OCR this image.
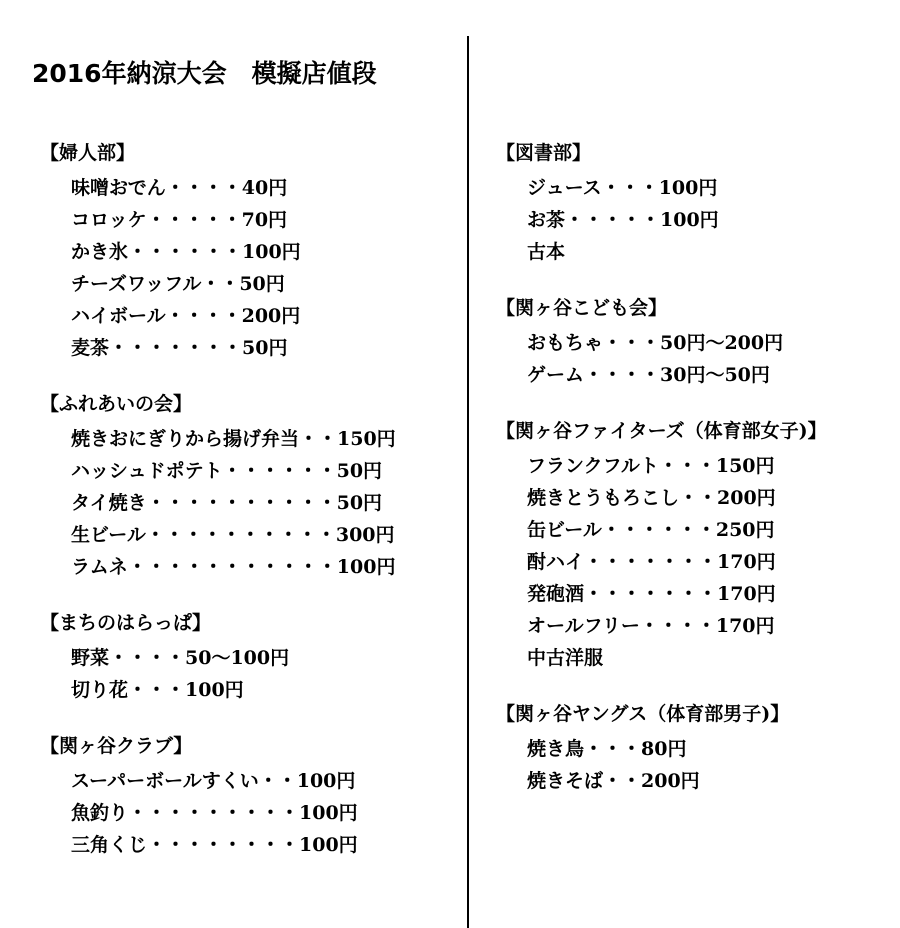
2016年納涼大会　模擬店値段
【婦人部】
味噌おでん・・・・40円
コロッケ・・・・・70円
かき氷・・・・・・100円
チーズワッフル・・50円
ハイボール・・・・200円
麦茶・・・・・・・50円
【ふれあいの会】
焼きおにぎりから揚げ弁当・・150円
ハッシュドポテト・・・・・・50円
タイ焼き・・・・・・・・・・50円
生ビール・・・・・・・・・・300円
ラムネ・・・・・・・・・・・100円
【まちのはらっぱ】
野菜・・・・50〜100円
切り花・・・100円
【関ヶ谷クラブ】
スーパーボールすくい・・100円
魚釣り・・・・・・・・・100円
三角くじ・・・・・・・・100円
【図書部】
ジュース・・・100円
お茶・・・・・100円
古本
【関ヶ谷こども会】
おもちゃ・・・50円〜200円
ゲーム・・・・30円〜50円
【関ヶ谷ファイターズ（体育部女子)】
フランクフルト・・・150円
焼きとうもろこし・・200円
缶ビール・・・・・・250円
酎ハイ・・・・・・・170円
発砲酒・・・・・・・170円
オールフリー・・・・170円
中古洋服
【関ヶ谷ヤングス（体育部男子)】
焼き鳥・・・80円
焼きそば・・200円
